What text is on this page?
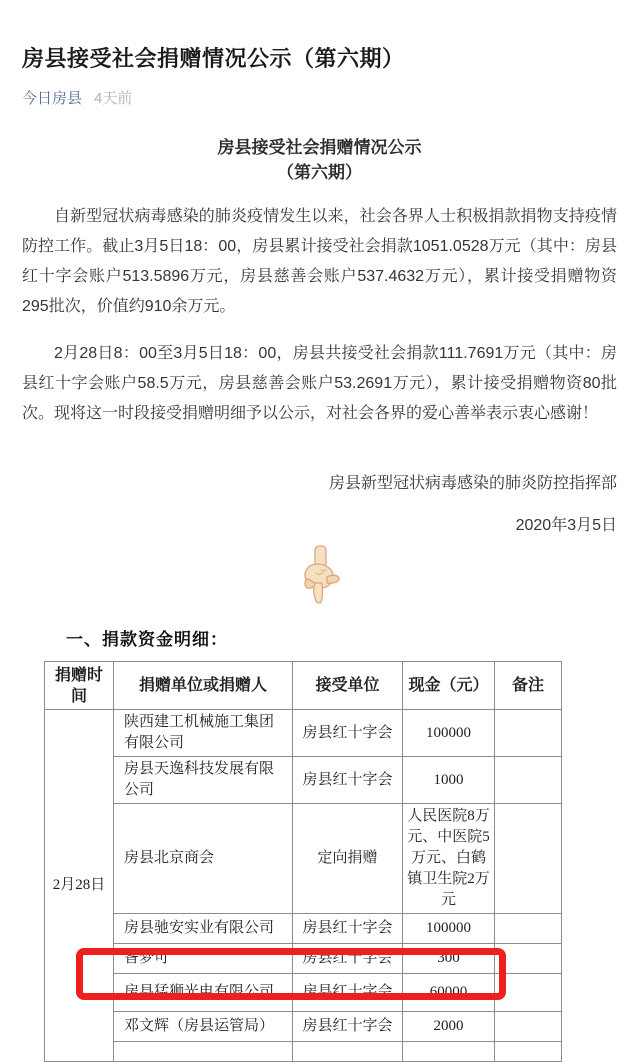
房县接受社会捐赠情况公示（第六期）
今日房县 4天前
房县接受社会捐赠情况公示
（第六期）

自新型冠状病毒感染的肺炎疫情发生以来，社会各界人士积极捐款捐物支持疫情防控工作。截止3月5日18：00，房县累计接受社会捐款1051.0528万元（其中：房县红十字会账户513.5896万元，房县慈善会账户537.4632万元），累计接受捐赠物资295批次，价值约910余万元。

2月28日8：00至3月5日18：00，房县共接受社会捐款111.7691万元（其中：房县红十字会账户58.5万元，房县慈善会账户53.2691万元），累计接受捐赠物资80批次。现将这一时段接受捐赠明细予以公示，对社会各界的爱心善举表示衷心感谢！

房县新型冠状病毒感染的肺炎防控指挥部
2020年3月5日
一、捐款资金明细：
捐赠时间	捐赠单位或捐赠人	接受单位	现金（元）	备注
2月28日	陕西建工机械施工集团有限公司	房县红十字会	100000	
	房县天逸科技发展有限公司	房县红十字会	1000	
	房县北京商会	定向捐赠	人民医院8万元、中医院5万元、白鹤镇卫生院2万元	
	房县驰安实业有限公司	房县红十字会	100000	
	昝梦可	房县红十字会	300	
	房县猛狮光电有限公司	房县红十字会	60000	
	邓文辉（房县运管局）	房县红十字会	2000	
